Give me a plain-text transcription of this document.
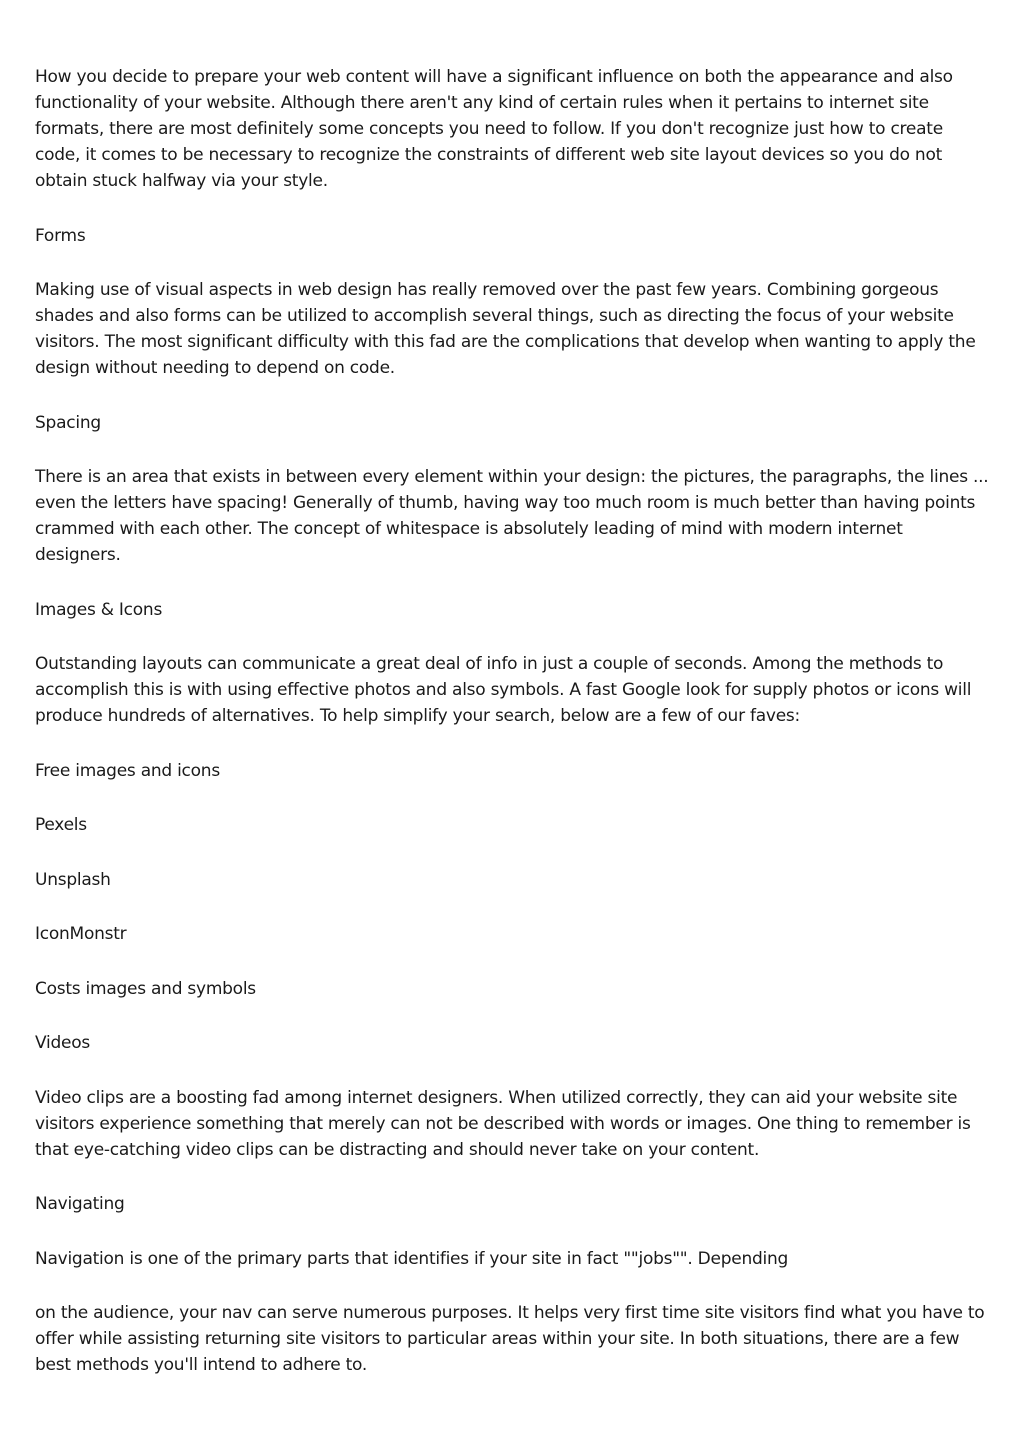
How you decide to prepare your web content will have a significant influence on both the appearance and also functionality of your website. Although there aren't any kind of certain rules when it pertains to internet site formats, there are most definitely some concepts you need to follow. If you don't recognize just how to create code, it comes to be necessary to recognize the constraints of different web site layout devices so you do not obtain stuck halfway via your style.

Forms

Making use of visual aspects in web design has really removed over the past few years. Combining gorgeous shades and also forms can be utilized to accomplish several things, such as directing the focus of your website visitors. The most significant difficulty with this fad are the complications that develop when wanting to apply the design without needing to depend on code.

Spacing

There is an area that exists in between every element within your design: the pictures, the paragraphs, the lines ... even the letters have spacing! Generally of thumb, having way too much room is much better than having points crammed with each other. The concept of whitespace is absolutely leading of mind with modern internet designers.

Images & Icons

Outstanding layouts can communicate a great deal of info in just a couple of seconds. Among the methods to accomplish this is with using effective photos and also symbols. A fast Google look for supply photos or icons will produce hundreds of alternatives. To help simplify your search, below are a few of our faves:

Free images and icons

Pexels

Unsplash

IconMonstr

Costs images and symbols

Videos

Video clips are a boosting fad among internet designers. When utilized correctly, they can aid your website site visitors experience something that merely can not be described with words or images. One thing to remember is that eye-catching video clips can be distracting and should never take on your content.

Navigating

Navigation is one of the primary parts that identifies if your site in fact ""jobs"". Depending

on the audience, your nav can serve numerous purposes. It helps very first time site visitors find what you have to offer while assisting returning site visitors to particular areas within your site. In both situations, there are a few best methods you'll intend to adhere to.
